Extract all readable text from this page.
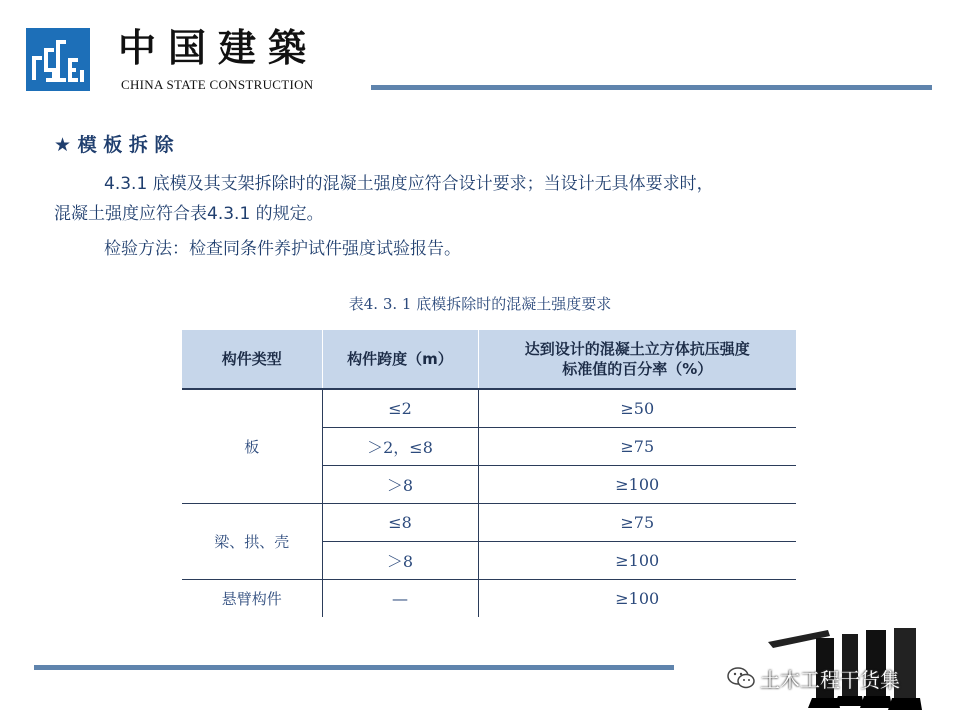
中国建築
CHINA STATE CONSTRUCTION
★ 模 板 拆 除
4.3.1 底模及其支架拆除时的混凝土强度应符合设计要求；当设计无具体要求时，
混凝土强度应符合表4.3.1 的规定。
检验方法：检查同条件养护试件强度试验报告。
表4. 3. 1 底模拆除时的混凝土强度要求
构件类型	构件跨度（m）	达到设计的混凝土立方体抗压强度
标准值的百分率（%）

板	≤2	≥50
	＞2，≤8	≥75
	＞8	≥100
梁、拱、壳	≤8	≥75
	＞8	≥100
悬臂构件	—	≥100
土木工程干货集
